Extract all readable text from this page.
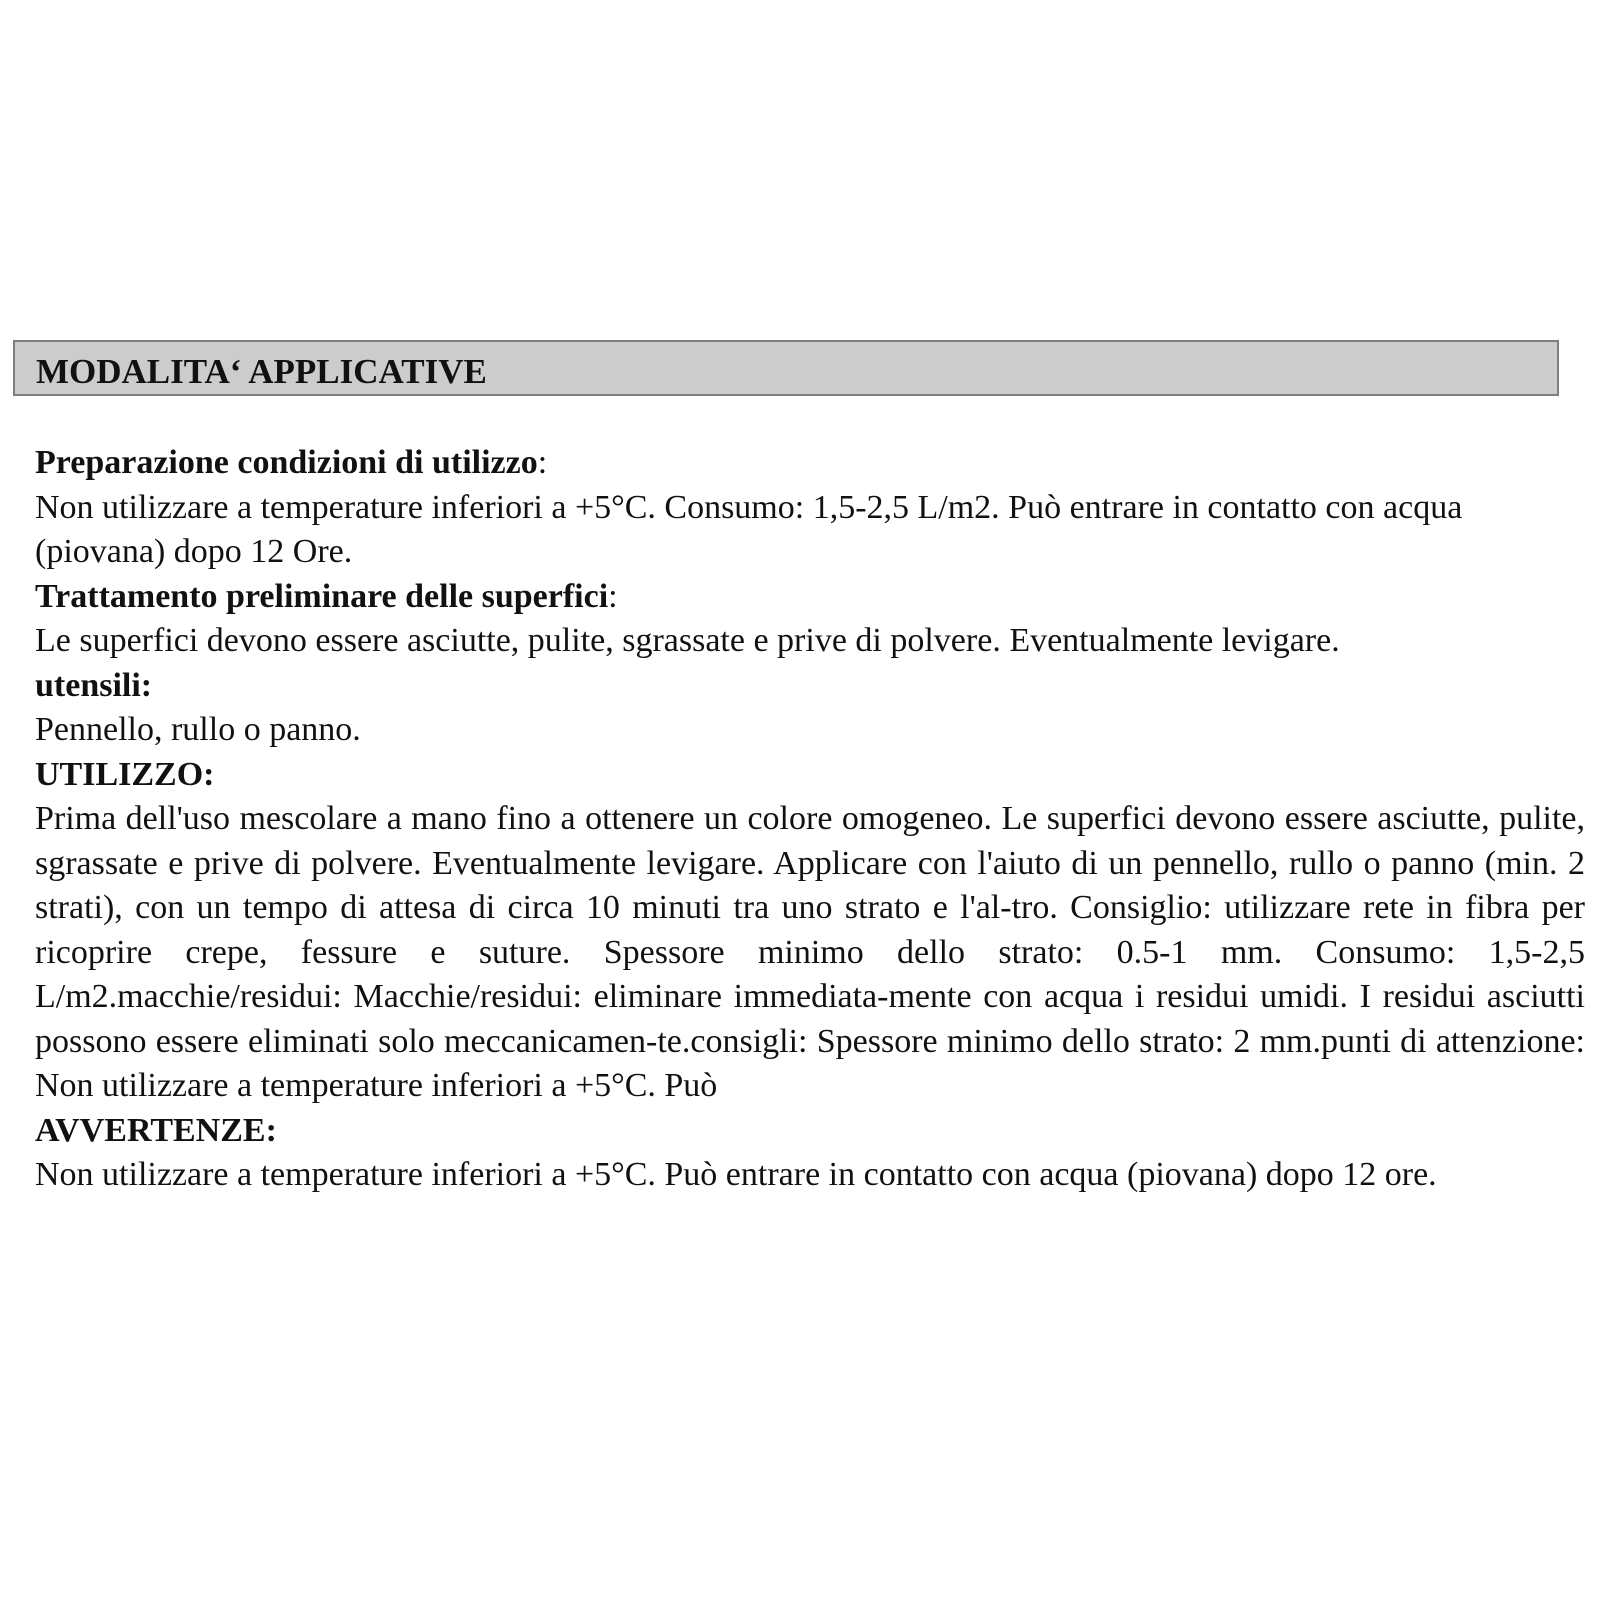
MODALITA‘ APPLICATIVE
Preparazione condizioni di utilizzo:
Non utilizzare a temperature inferiori a +5°C. Consumo: 1,5-2,5 L/m2. Può entrare in contatto con acqua (piovana) dopo 12 Ore.
Trattamento preliminare delle superfici:
Le superfici devono essere asciutte, pulite, sgrassate e prive di polvere. Eventualmente levigare.
utensili:
Pennello, rullo o panno.
UTILIZZO:
Prima dell'uso mescolare a mano fino a ottenere un colore omogeneo. Le superfici devono essere asciutte, pulite, sgrassate e prive di polvere. Eventualmente levigare. Applicare con l'aiuto di un pennello, rullo o panno (min. 2 strati), con un tempo di attesa di circa 10 minuti tra uno strato e l'al-tro. Consiglio: utilizzare rete in fibra per ricoprire crepe, fessure e suture. Spessore minimo dello strato: 0.5-1 mm. Consumo: 1,5-2,5 L/m2.macchie/residui: Macchie/residui: eliminare immediata-mente con acqua i residui umidi. I residui asciutti possono essere eliminati solo meccanicamen-te.consigli: Spessore minimo dello strato: 2 mm.punti di attenzione: Non utilizzare a temperature inferiori a +5°C. Può
AVVERTENZE:
Non utilizzare a temperature inferiori a +5°C. Può entrare in contatto con acqua (piovana) dopo 12 ore.
